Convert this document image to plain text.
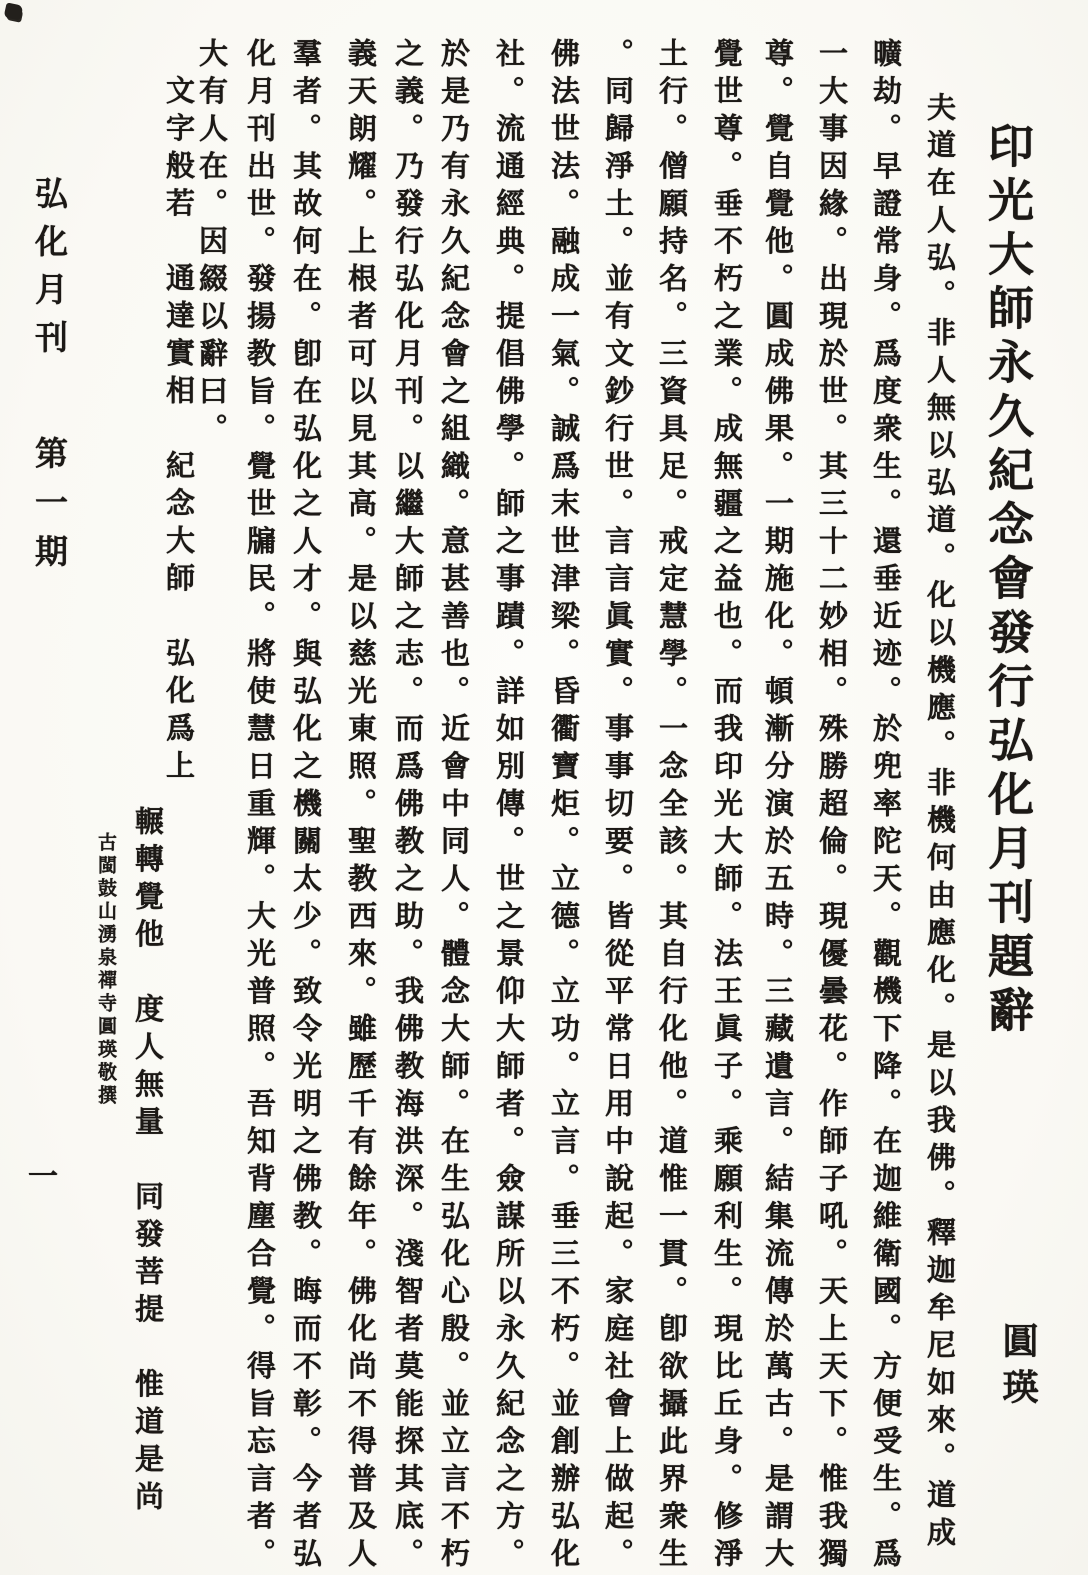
印光大師永久紀念會發行弘化月刊題辭
圓瑛
夫道在人弘。非人無以弘道。化以機應。非機何由應化。是以我佛。釋迦牟尼如來。道成
曠劫。早證常身。爲度衆生。還垂近迹。於兜率陀天。觀機下降。在迦維衛國。方便受生。爲
一大事因緣。出現於世。其三十二妙相。殊勝超倫。現優曇花。作師子吼。天上天下。惟我獨
尊。覺自覺他。圓成佛果。一期施化。頓漸分演於五時。三藏遺言。結集流傳於萬古。是謂大
覺世尊。垂不朽之業。成無疆之益也。而我印光大師。法王眞子。乘願利生。現比丘身。修淨
土行。僧願持名。三資具足。戒定慧學。一念全該。其自行化他。道惟一貫。卽欲攝此界衆生
。同歸淨土。並有文鈔行世。言言眞實。事事切要。皆從平常日用中說起。家庭社會上做起。
佛法世法。融成一氣。誠爲末世津梁。昏衢寶炬。立德。立功。立言。垂三不朽。並創辦弘化
社。流通經典。提倡佛學。師之事蹟。詳如別傳。世之景仰大師者。僉謀所以永久紀念之方。
於是乃有永久紀念會之組織。意甚善也。近會中同人。體念大師。在生弘化心殷。並立言不朽
之義。乃發行弘化月刊。以繼大師之志。而爲佛教之助。我佛教海洪深。淺智者莫能探其底。
義天朗耀。上根者可以見其高。是以慈光東照。聖教西來。雖歷千有餘年。佛化尚不得普及人
羣者。其故何在。卽在弘化之人才。與弘化之機關太少。致令光明之佛教。晦而不彰。今者弘
化月刊出世。發揚教旨。覺世牖民。將使慧日重輝。大光普照。吾知背塵合覺。得旨忘言者。
大有人在。因綴以辭曰。
文字般若　通達實相　紀念大師　弘化爲上
輾轉覺他　度人無量　同發菩提　惟道是尚
古閩鼓山湧泉禪寺圓瑛敬撰
弘化月刊
第一期
一
